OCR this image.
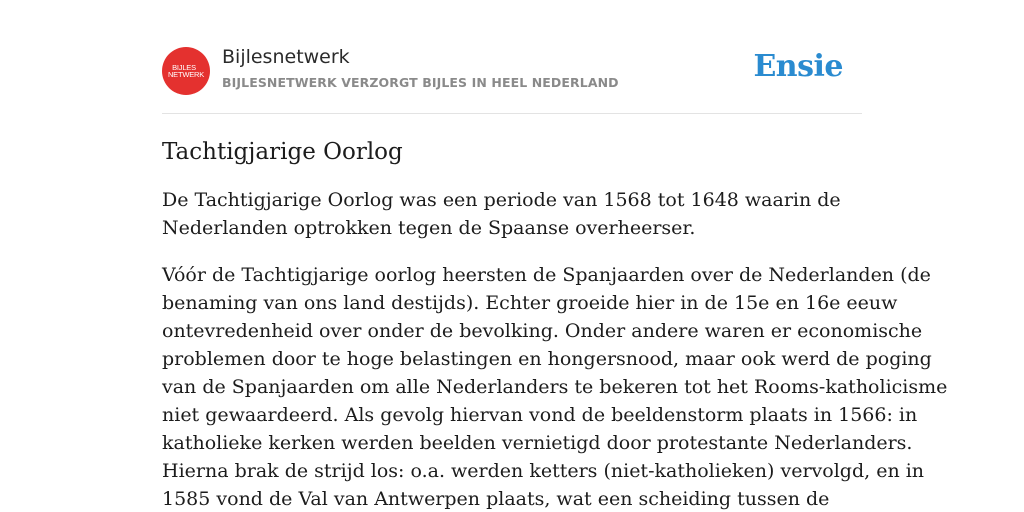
BIJLES
NETWERK
Bijlesnetwerk
BIJLESNETWERK VERZORGT BIJLES IN HEEL NEDERLAND	Ensie
Tachtigjarige Oorlog

De Tachtigjarige Oorlog was een periode van 1568 tot 1648 waarin de
Nederlanden optrokken tegen de Spaanse overheerser.

Vóór de Tachtigjarige oorlog heersten de Spanjaarden over de Nederlanden (de
benaming van ons land destijds). Echter groeide hier in de 15e en 16e eeuw
ontevredenheid over onder de bevolking. Onder andere waren er economische
problemen door te hoge belastingen en hongersnood, maar ook werd de poging
van de Spanjaarden om alle Nederlanders te bekeren tot het Rooms-katholicisme
niet gewaardeerd. Als gevolg hiervan vond de beeldenstorm plaats in 1566: in
katholieke kerken werden beelden vernietigd door protestante Nederlanders.
Hierna brak de strijd los: o.a. werden ketters (niet-katholieken) vervolgd, en in
1585 vond de Val van Antwerpen plaats, wat een scheiding tussen de
